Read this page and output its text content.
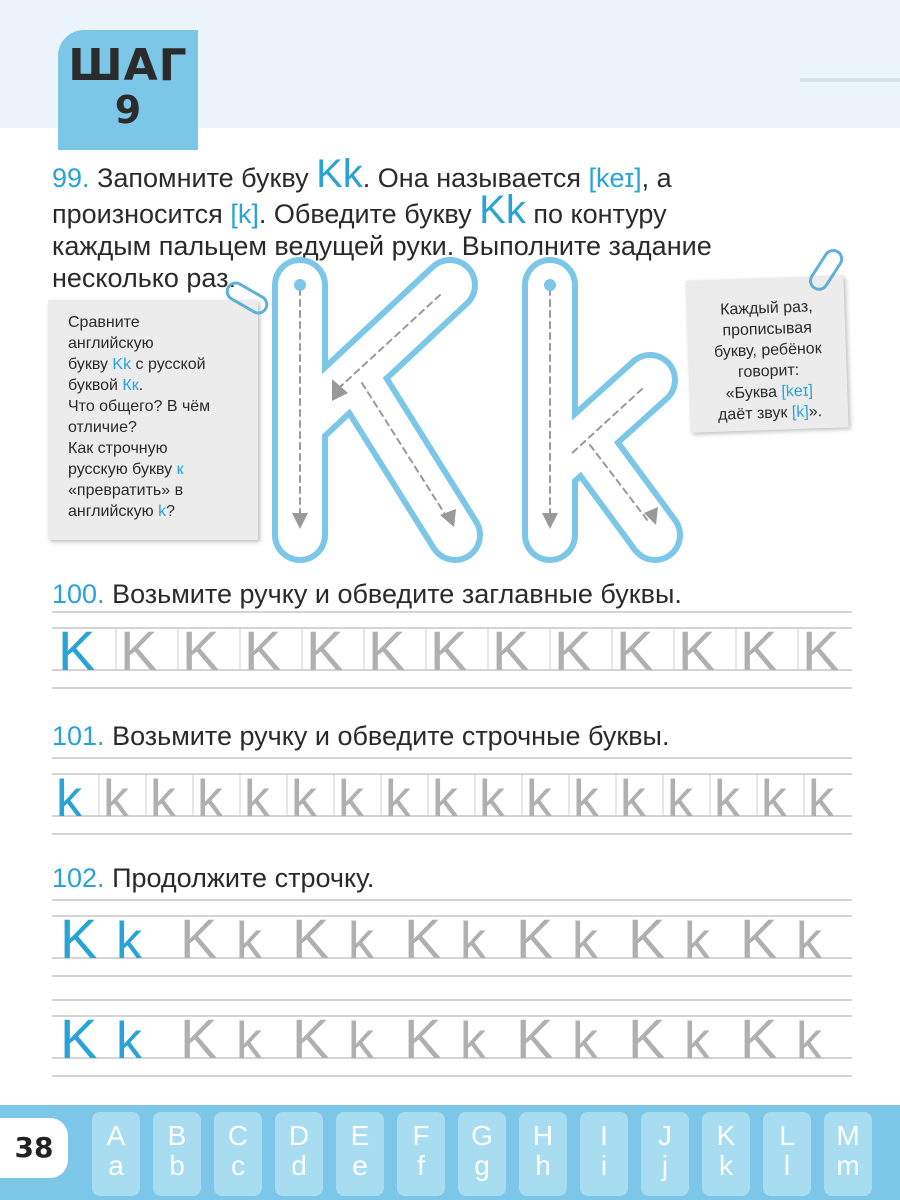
ШАГ
9
99. Запомните букву Kk. Она называется [keɪ], а
произносится [k]. Обведите букву Kk по контуру
каждым пальцем ведущей руки. Выполните задание
несколько раз.
Сравните
английскую
букву Kk с русской
буквой Кк.
Что общего? В чём
отличие?
Как строчную
русскую букву к
«превратить» в
английскую k?
Каждый раз,
прописывая
букву, ребёнок
говорит:
«Буква [keɪ]
даёт звук [k]».
100. Возьмите ручку и обведите заглавные буквы.
K K K K K K K K K K K K K
101. Возьмите ручку и обведите строчные буквы.
k k k k k k k k k k k k k k k k k
102. Продолжите строчку.
K k K k K k K k K k K k K k
K k K k K k K k K k K k K k
38	A
a
B
b
C
c
D
d
E
e
F
f
G
g
H
h
I
i
J
j
K
k
L
l
M
m
